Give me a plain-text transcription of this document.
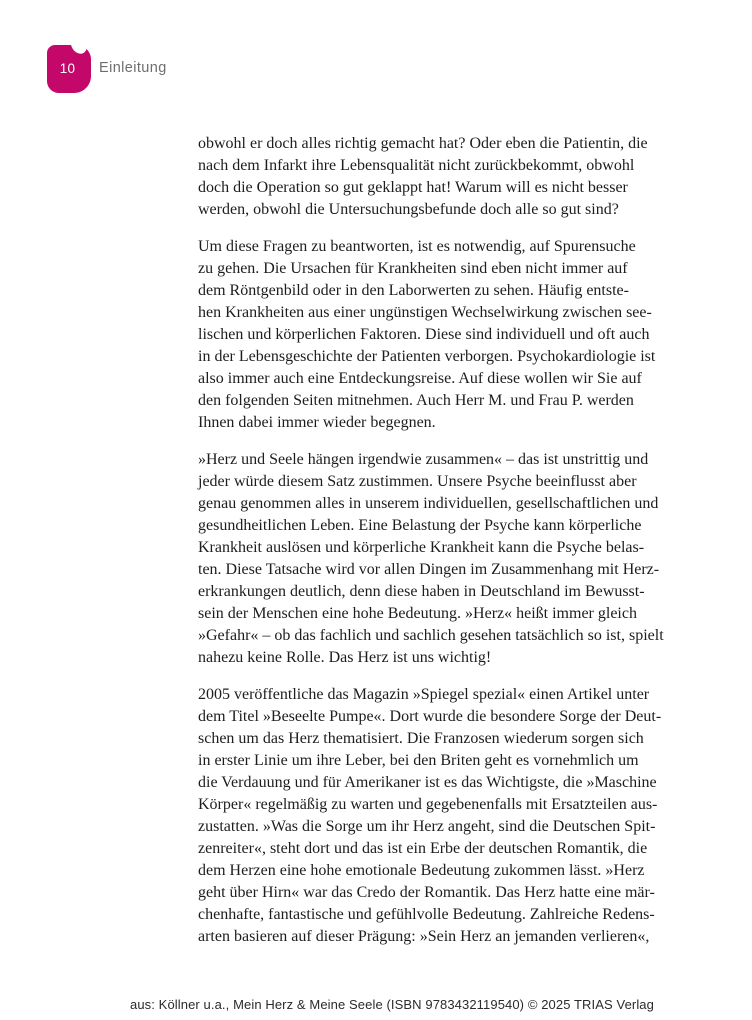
10	Einleitung
obwohl er doch alles richtig gemacht hat? Oder eben die Patientin, die
nach dem Infarkt ihre Lebensqualität nicht zurückbekommt, obwohl
doch die Operation so gut geklappt hat! Warum will es nicht besser
werden, obwohl die Untersuchungsbefunde doch alle so gut sind?
Um diese Fragen zu beantworten, ist es notwendig, auf Spurensuche
zu gehen. Die Ursachen für Krankheiten sind eben nicht immer auf
dem Röntgenbild oder in den Laborwerten zu sehen. Häufig entste-
hen Krankheiten aus einer ungünstigen Wechselwirkung zwischen see-
lischen und körperlichen Faktoren. Diese sind individuell und oft auch
in der Lebensgeschichte der Patienten verborgen. Psychokardiologie ist
also immer auch eine Entdeckungsreise. Auf diese wollen wir Sie auf
den folgenden Seiten mitnehmen. Auch Herr M. und Frau P. werden
Ihnen dabei immer wieder begegnen.
»Herz und Seele hängen irgendwie zusammen« – das ist unstrittig und
jeder würde diesem Satz zustimmen. Unsere Psyche beeinflusst aber
genau genommen alles in unserem individuellen, gesellschaftlichen und
gesundheitlichen Leben. Eine Belastung der Psyche kann körperliche
Krankheit auslösen und körperliche Krankheit kann die Psyche belas-
ten. Diese Tatsache wird vor allen Dingen im Zusammenhang mit Herz-
erkrankungen deutlich, denn diese haben in Deutschland im Bewusst-
sein der Menschen eine hohe Bedeutung. »Herz« heißt immer gleich
»Gefahr« – ob das fachlich und sachlich gesehen tatsächlich so ist, spielt
nahezu keine Rolle. Das Herz ist uns wichtig!
2005 veröffentliche das Magazin »Spiegel spezial« einen Artikel unter
dem Titel »Beseelte Pumpe«. Dort wurde die besondere Sorge der Deut-
schen um das Herz thematisiert. Die Franzosen wiederum sorgen sich
in erster Linie um ihre Leber, bei den Briten geht es vornehmlich um
die Verdauung und für Amerikaner ist es das Wichtigste, die »Maschine
Körper« regelmäßig zu warten und gegebenenfalls mit Ersatzteilen aus-
zustatten. »Was die Sorge um ihr Herz angeht, sind die Deutschen Spit-
zenreiter«, steht dort und das ist ein Erbe der deutschen Romantik, die
dem Herzen eine hohe emotionale Bedeutung zukommen lässt. »Herz
geht über Hirn« war das Credo der Romantik. Das Herz hatte eine mär-
chenhafte, fantastische und gefühlvolle Bedeutung. Zahlreiche Redens-
arten basieren auf dieser Prägung: »Sein Herz an jemanden verlieren«,
aus: Köllner u.a., Mein Herz & Meine Seele (ISBN 9783432119540) © 2025 TRIAS Verlag
